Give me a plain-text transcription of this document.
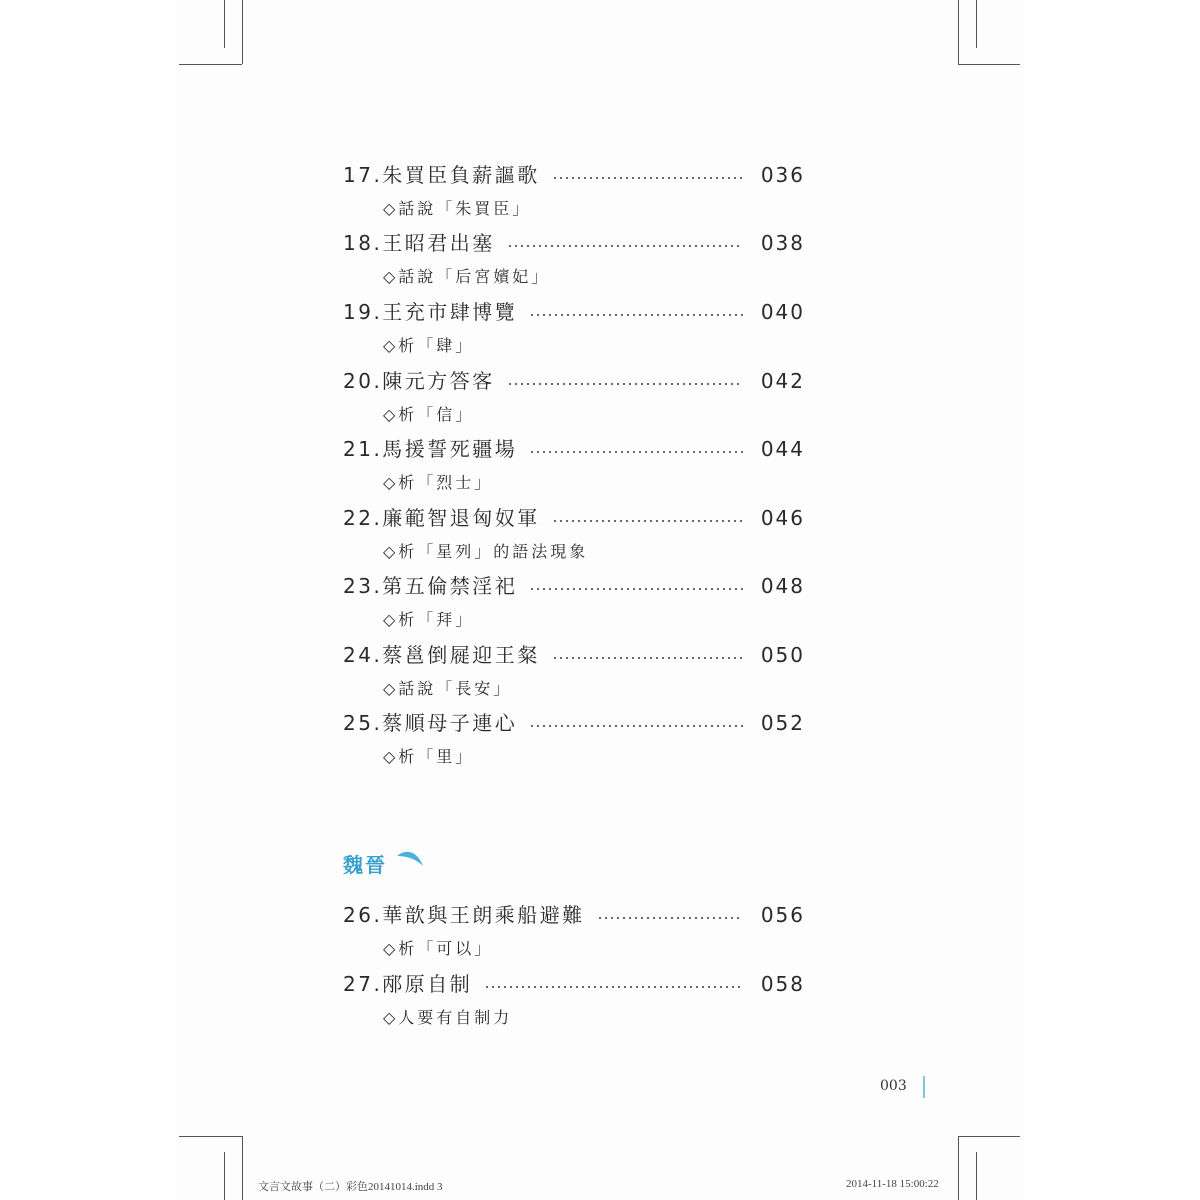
17.朱買臣負薪謳歌	036
◇話說「朱買臣」
18.王昭君出塞	038
◇話說「后宮嬪妃」
19.王充市肆博覽	040
◇析「肆」
20.陳元方答客	042
◇析「信」
21.馬援誓死疆場	044
◇析「烈士」
22.廉範智退匈奴軍	046
◇析「星列」的語法現象
23.第五倫禁淫祀	048
◇析「拜」
24.蔡邕倒屣迎王粲	050
◇話說「長安」
25.蔡順母子連心	052
◇析「里」
26.華歆與王朗乘船避難	056
◇析「可以」
27.邴原自制	058
◇人要有自制力
魏晉
003
文言文故事（二）彩色20141014.indd 3	2014-11-18 15:00:22
